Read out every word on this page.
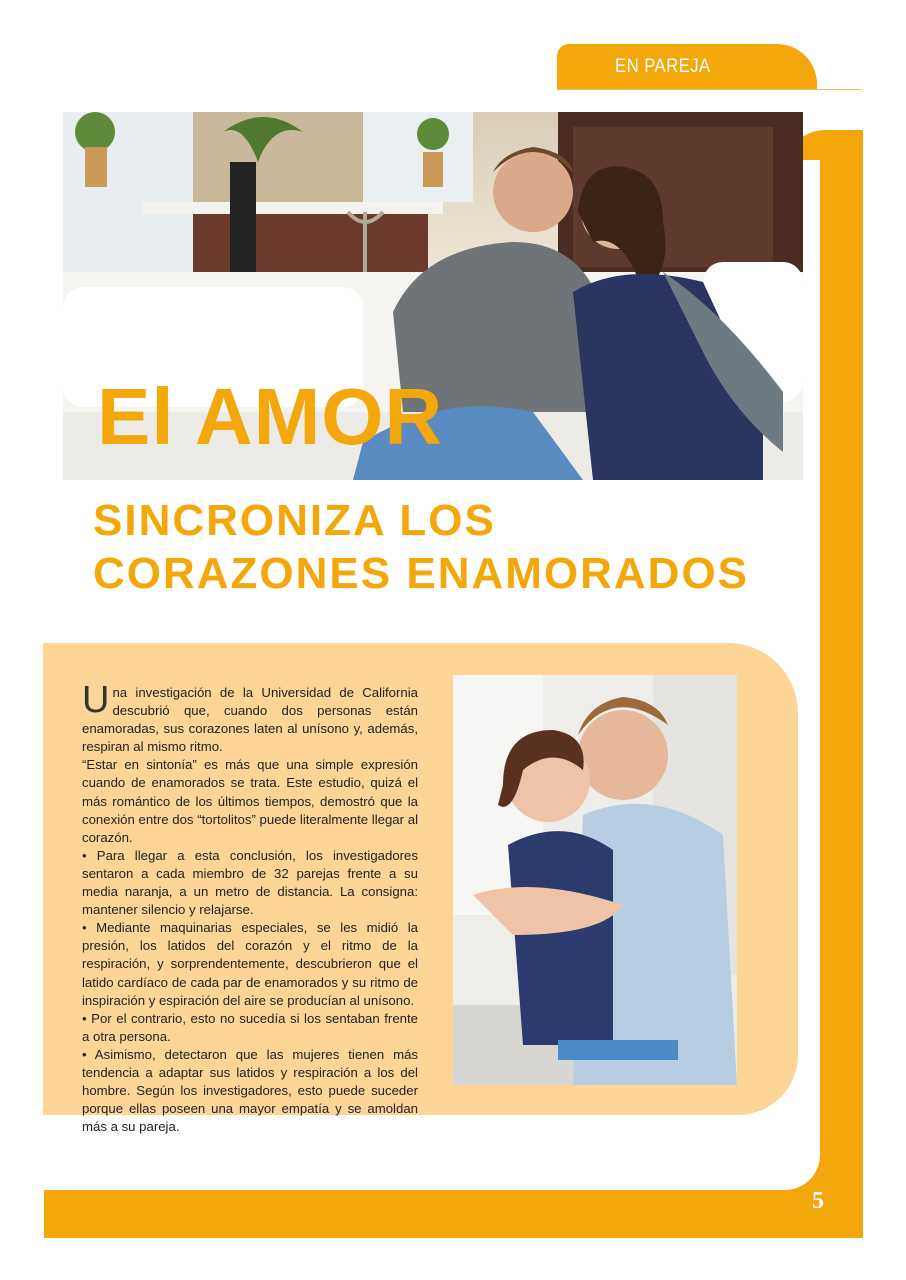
EN PAREJA
5
El AMOR
SINCRONIZA LOS
CORAZONES ENAMORADOS

Una investigación de la Universidad de California descubrió que, cuando dos personas están enamoradas, sus corazones laten al unísono y, además, respiran al mismo ritmo.

“Estar en sintonía” es más que una simple expresión cuando de enamorados se trata. Este estudio, quizá el más romántico de los últimos tiempos, demostró que la conexión entre dos “tortolitos” puede literalmente llegar al corazón.

• Para llegar a esta conclusión, los investigadores sentaron a cada miembro de 32 parejas frente a su media naranja, a un metro de distancia. La consigna: mantener silencio y relajarse.

• Mediante maquinarias especiales, se les midió la presión, los latidos del corazón y el ritmo de la respiración, y sorprendentemente, descubrieron que el latido cardíaco de cada par de enamorados y su ritmo de inspiración y espiración del aire se producían al unísono.

• Por el contrario, esto no sucedía si los sentaban frente a otra persona.

• Asimismo, detectaron que las mujeres tienen más tendencia a adaptar sus latidos y respiración a los del hombre. Según los investigadores, esto puede suceder porque ellas poseen una mayor empatía y se amoldan más a su pareja.
